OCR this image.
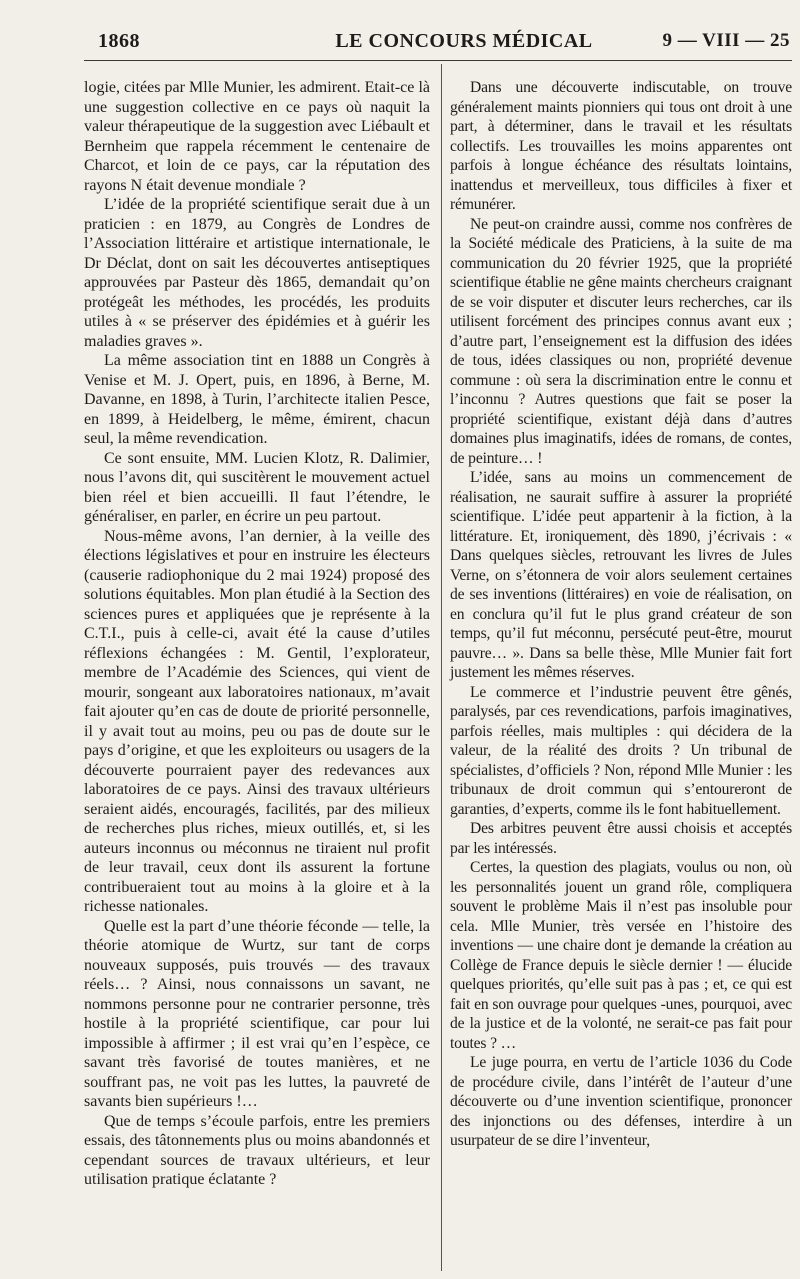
1868	LE CONCOURS MÉDICAL	9 — VIII — 25

logie, citées par Mlle Munier, les admirent. Etait-ce là une suggestion collective en ce pays où naquit la valeur thérapeutique de la suggestion avec Liébault et Bernheim que rappela récemment le centenaire de Charcot, et loin de ce pays, car la réputation des rayons N était devenue mondiale ?

L’idée de la propriété scientifique serait due à un praticien : en 1879, au Congrès de Londres de l’Association littéraire et artistique internationale, le Dr Déclat, dont on sait les découvertes antiseptiques approuvées par Pasteur dès 1865, demandait qu’on protégeât les méthodes, les procédés, les produits utiles à « se préserver des épidémies et à guérir les maladies graves ».

La même association tint en 1888 un Congrès à Venise et M. J. Opert, puis, en 1896, à Berne, M. Davanne, en 1898, à Turin, l’architecte italien Pesce, en 1899, à Heidelberg, le même, émirent, chacun seul, la même revendication.

Ce sont ensuite, MM. Lucien Klotz, R. Dalimier, nous l’avons dit, qui suscitèrent le mouvement actuel bien réel et bien accueilli. Il faut l’étendre, le généraliser, en parler, en écrire un peu partout.

Nous-même avons, l’an dernier, à la veille des élections législatives et pour en instruire les électeurs (causerie radiophonique du 2 mai 1924) proposé des solutions équitables. Mon plan étudié à la Section des sciences pures et appliquées que je représente à la C.T.I., puis à celle-ci, avait été la cause d’utiles réflexions échangées : M. Gentil, l’explorateur, membre de l’Académie des Sciences, qui vient de mourir, songeant aux laboratoires nationaux, m’avait fait ajouter qu’en cas de doute de priorité personnelle, il y avait tout au moins, peu ou pas de doute sur le pays d’origine, et que les exploiteurs ou usagers de la découverte pourraient payer des redevances aux laboratoires de ce pays. Ainsi des travaux ultérieurs seraient aidés, encouragés, facilités, par des milieux de recherches plus riches, mieux outillés, et, si les auteurs inconnus ou méconnus ne tiraient nul profit de leur travail, ceux dont ils assurent la fortune contribueraient tout au moins à la gloire et à la richesse nationales.

Quelle est la part d’une théorie féconde — telle, la théorie atomique de Wurtz, sur tant de corps nouveaux supposés, puis trouvés — des travaux réels… ? Ainsi, nous connaissons un savant, ne nommons personne pour ne contrarier personne, très hostile à la propriété scientifique, car pour lui impossible à affirmer ; il est vrai qu’en l’espèce, ce savant très favorisé de toutes manières, et ne souffrant pas, ne voit pas les luttes, la pauvreté de savants bien supérieurs !…

Que de temps s’écoule parfois, entre les premiers essais, des tâtonnements plus ou moins abandonnés et cependant sources de travaux ultérieurs, et leur utilisation pratique éclatante ?

Dans une découverte indiscutable, on trouve généralement maints pionniers qui tous ont droit à une part, à déterminer, dans le travail et les résultats collectifs. Les trouvailles les moins apparentes ont parfois à longue échéance des résultats lointains, inattendus et merveilleux, tous difficiles à fixer et rémunérer.

Ne peut-on craindre aussi, comme nos confrères de la Société médicale des Praticiens, à la suite de ma communication du 20 février 1925, que la propriété scientifique établie ne gêne maints chercheurs craignant de se voir disputer et discuter leurs recherches, car ils utilisent forcément des principes connus avant eux ; d’autre part, l’enseignement est la diffusion des idées de tous, idées classiques ou non, propriété devenue commune : où sera la discrimination entre le connu et l’inconnu ? Autres questions que fait se poser la propriété scientifique, existant déjà dans d’autres domaines plus imaginatifs, idées de romans, de contes, de peinture… !

L’idée, sans au moins un commencement de réalisation, ne saurait suffire à assurer la propriété scientifique. L’idée peut appartenir à la fiction, à la littérature. Et, ironiquement, dès 1890, j’écrivais : « Dans quelques siècles, retrouvant les livres de Jules Verne, on s’étonnera de voir alors seulement certaines de ses inventions (littéraires) en voie de réalisation, on en conclura qu’il fut le plus grand créateur de son temps, qu’il fut méconnu, persécuté peut-être, mourut pauvre… ». Dans sa belle thèse, Mlle Munier fait fort justement les mêmes réserves.

Le commerce et l’industrie peuvent être gênés, paralysés, par ces revendications, parfois imaginatives, parfois réelles, mais multiples : qui décidera de la valeur, de la réalité des droits ? Un tribunal de spécialistes, d’officiels ? Non, répond Mlle Munier : les tribunaux de droit commun qui s’entoureront de garanties, d’experts, comme ils le font habituellement.

Des arbitres peuvent être aussi choisis et acceptés par les intéressés.

Certes, la question des plagiats, voulus ou non, où les personnalités jouent un grand rôle, compliquera souvent le problème Mais il n’est pas insoluble pour cela. Mlle Munier, très versée en l’histoire des inventions — une chaire dont je demande la création au Collège de France depuis le siècle dernier ! — élucide quelques priorités, qu’elle suit pas à pas ; et, ce qui est fait en son ouvrage pour quelques -unes, pourquoi, avec de la justice et de la volonté, ne serait-ce pas fait pour toutes ? …

Le juge pourra, en vertu de l’article 1036 du Code de procédure civile, dans l’intérêt de l’auteur d’une découverte ou d’une invention scientifique, prononcer des injonctions ou des défenses, interdire à un usurpateur de se dire l’inventeur,
